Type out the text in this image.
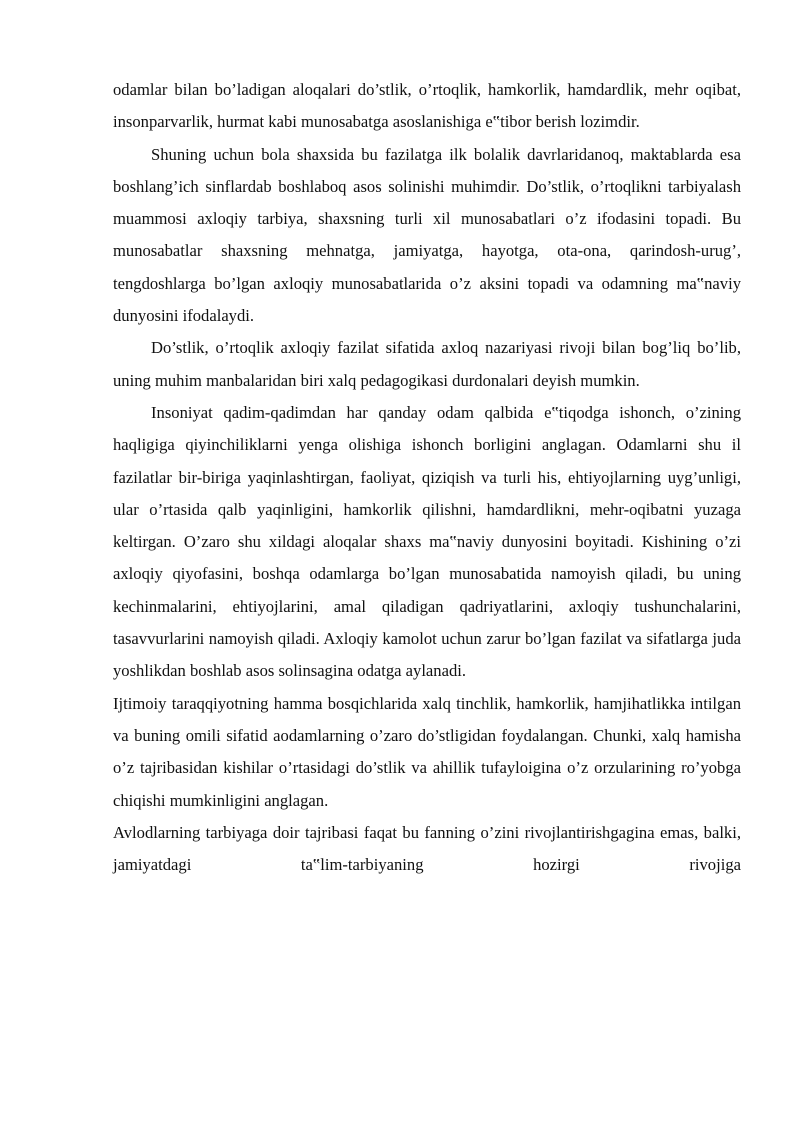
odamlar bilan bo’ladigan aloqalari do’stlik, o’rtoqlik, hamkorlik, hamdardlik, mehr oqibat, insonparvarlik, hurmat kabi munosabatga asoslanishiga e‟tibor berish lozimdir.

Shuning uchun bola shaxsida bu fazilatga ilk bolalik davrlaridanoq, maktablarda esa boshlang’ich sinflardab boshlaboq asos solinishi muhimdir. Do’stlik, o’rtoqlikni tarbiyalash muammosi axloqiy tarbiya, shaxsning turli xil munosabatlari o’z ifodasini topadi. Bu munosabatlar shaxsning mehnatga, jamiyatga, hayotga, ota-ona, qarindosh-urug’, tengdoshlarga bo’lgan axloqiy munosabatlarida o’z aksini topadi va odamning ma‟naviy dunyosini ifodalaydi.

Do’stlik, o’rtoqlik axloqiy fazilat sifatida axloq nazariyasi rivoji bilan bog’liq bo’lib, uning muhim manbalaridan biri xalq pedagogikasi durdonalari deyish mumkin.

Insoniyat qadim-qadimdan har qanday odam qalbida e‟tiqodga ishonch, o’zining haqligiga qiyinchiliklarni yenga olishiga ishonch borligini anglagan. Odamlarni shu il fazilatlar bir-biriga yaqinlashtirgan, faoliyat, qiziqish va turli his, ehtiyojlarning uyg’unligi, ular o’rtasida qalb yaqinligini, hamkorlik qilishni, hamdardlikni, mehr-oqibatni yuzaga keltirgan. O’zaro shu xildagi aloqalar shaxs ma‟naviy dunyosini boyitadi. Kishining o’zi axloqiy qiyofasini, boshqa odamlarga bo’lgan munosabatida namoyish qiladi, bu uning kechinmalarini, ehtiyojlarini, amal qiladigan qadriyatlarini, axloqiy tushunchalarini, tasavvurlarini namoyish qiladi. Axloqiy kamolot uchun zarur bo’lgan fazilat va sifatlarga juda yoshlikdan boshlab asos solinsagina odatga aylanadi.

Ijtimoiy taraqqiyotning hamma bosqichlarida xalq tinchlik, hamkorlik, hamjihatlikka intilgan va buning omili sifatid aodamlarning o’zaro do’stligidan foydalangan. Chunki, xalq hamisha o’z tajribasidan kishilar o’rtasidagi do’stlik va ahillik tufayloigina o’z orzularining ro’yobga chiqishi mumkinligini anglagan.

Avlodlarning tarbiyaga doir tajribasi faqat bu fanning o’zini rivojlantirishgagina emas, balki, jamiyatdagi ta‟lim-tarbiyaning hozirgi rivojiga
